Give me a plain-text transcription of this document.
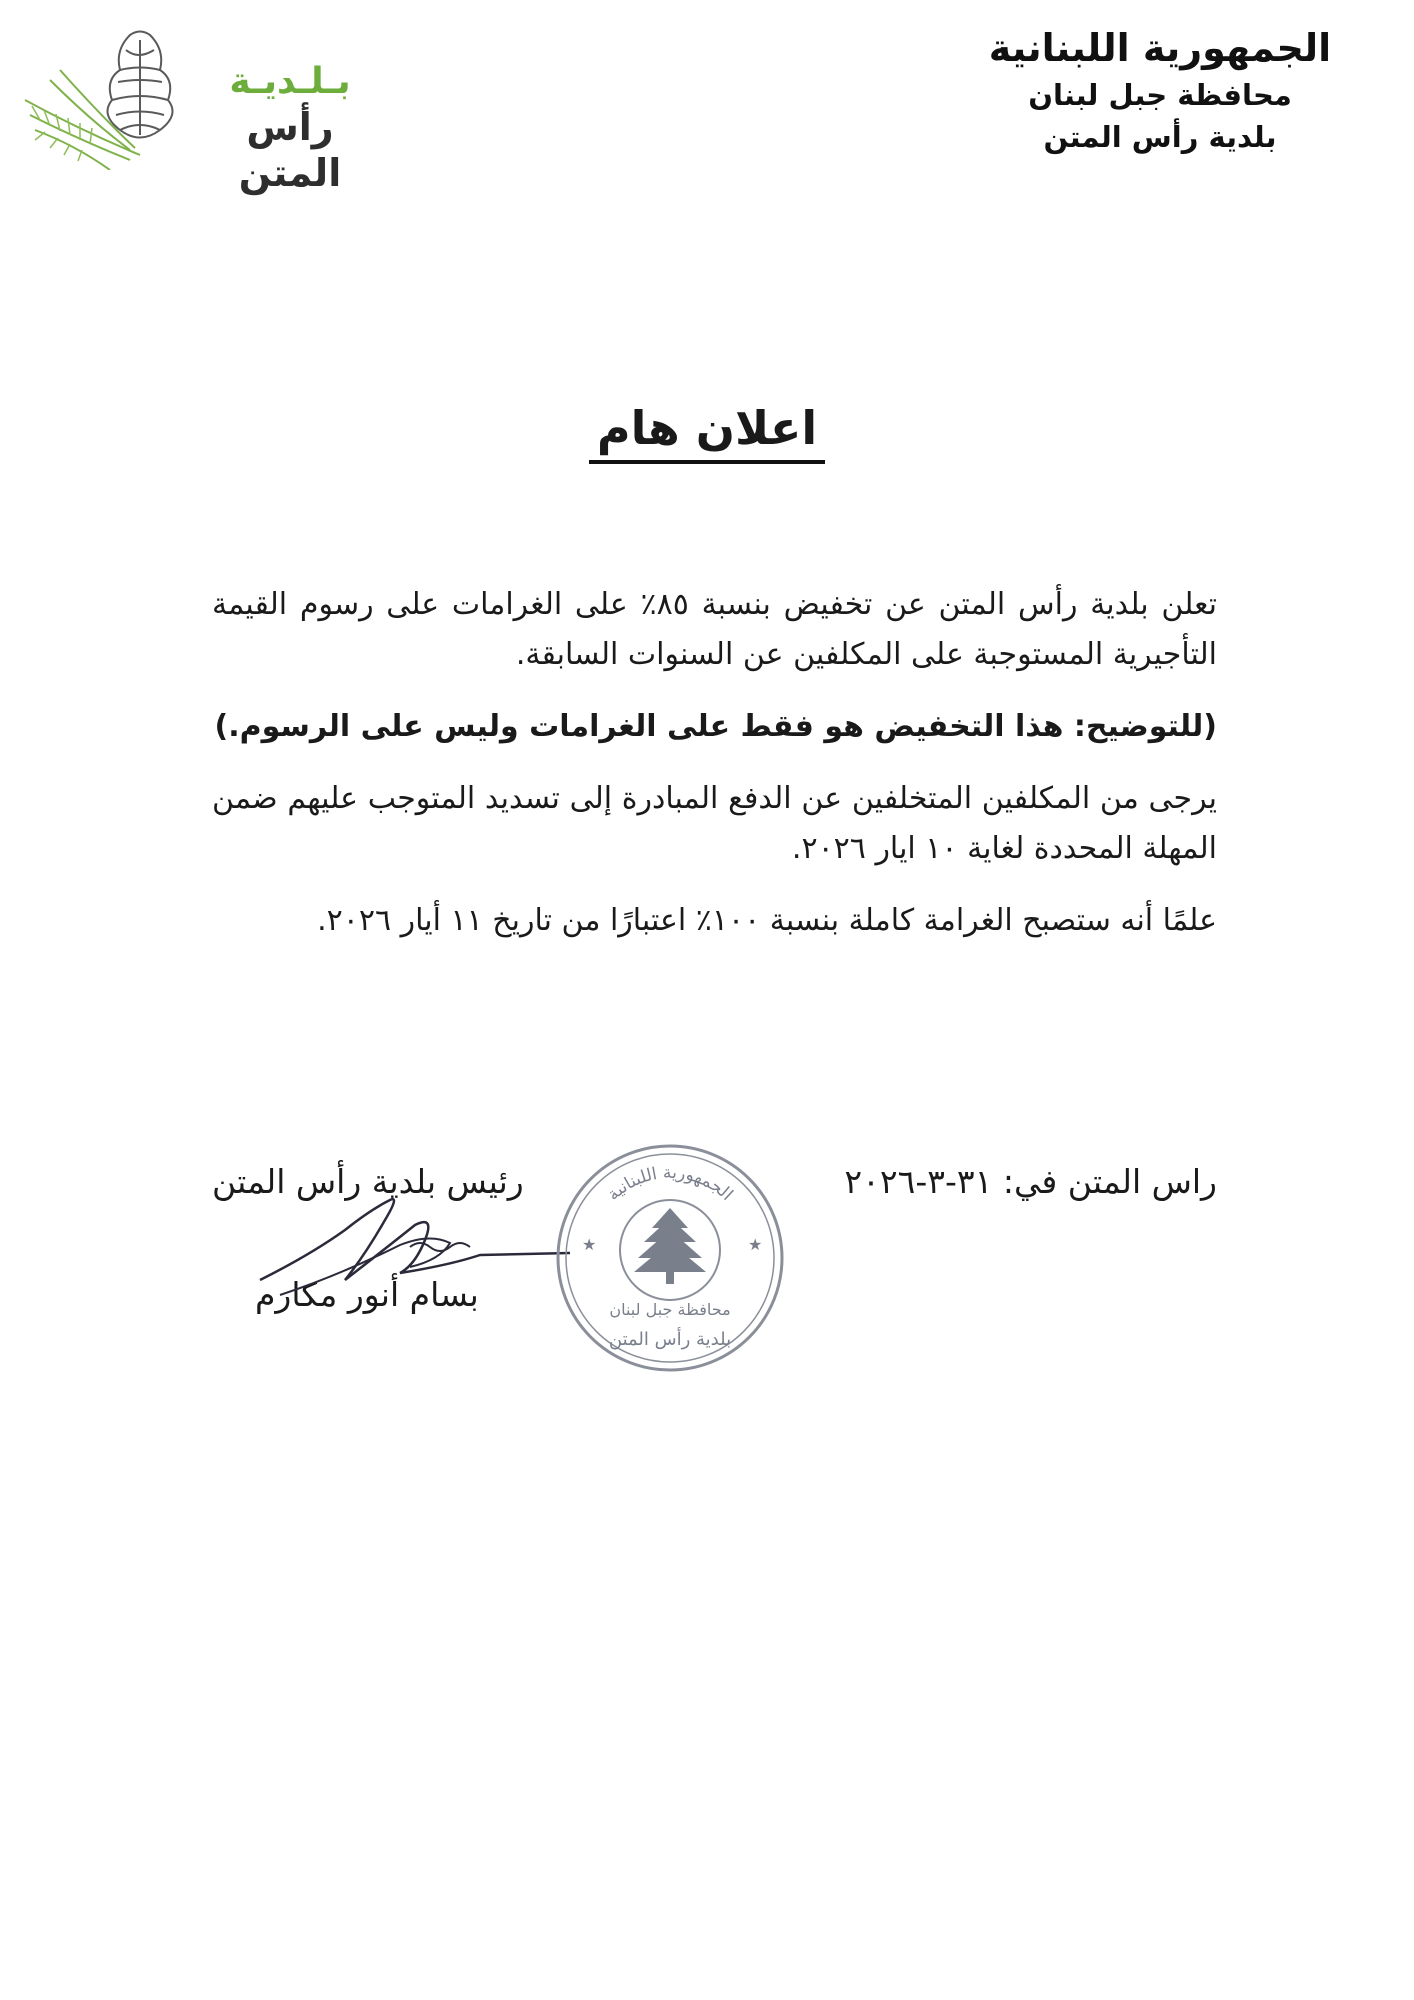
بـلـديـة
رأس المتن
الجمهورية اللبنانية
محافظة جبل لبنان
بلدية رأس المتن
اعلان هام

تعلن بلدية رأس المتن عن تخفيض بنسبة ٨٥٪ على الغرامات على رسوم القيمة التأجيرية المستوجبة على المكلفين عن السنوات السابقة.

(للتوضيح: هذا التخفيض هو فقط على الغرامات وليس على الرسوم.)

يرجى من المكلفين المتخلفين عن الدفع المبادرة إلى تسديد المتوجب عليهم ضمن المهلة المحددة لغاية ١٠ ايار ٢٠٢٦.

علمًا أنه ستصبح الغرامة كاملة بنسبة ١٠٠٪ اعتبارًا من تاريخ ١١ أيار ٢٠٢٦.

راس المتن في: ٣١-٣-٢٠٢٦
رئيس بلدية رأس المتن
بسام أنور مكارم
الجمهورية اللبنانية
محافظة جبل لبنان
بلدية رأس المتن
★	★
